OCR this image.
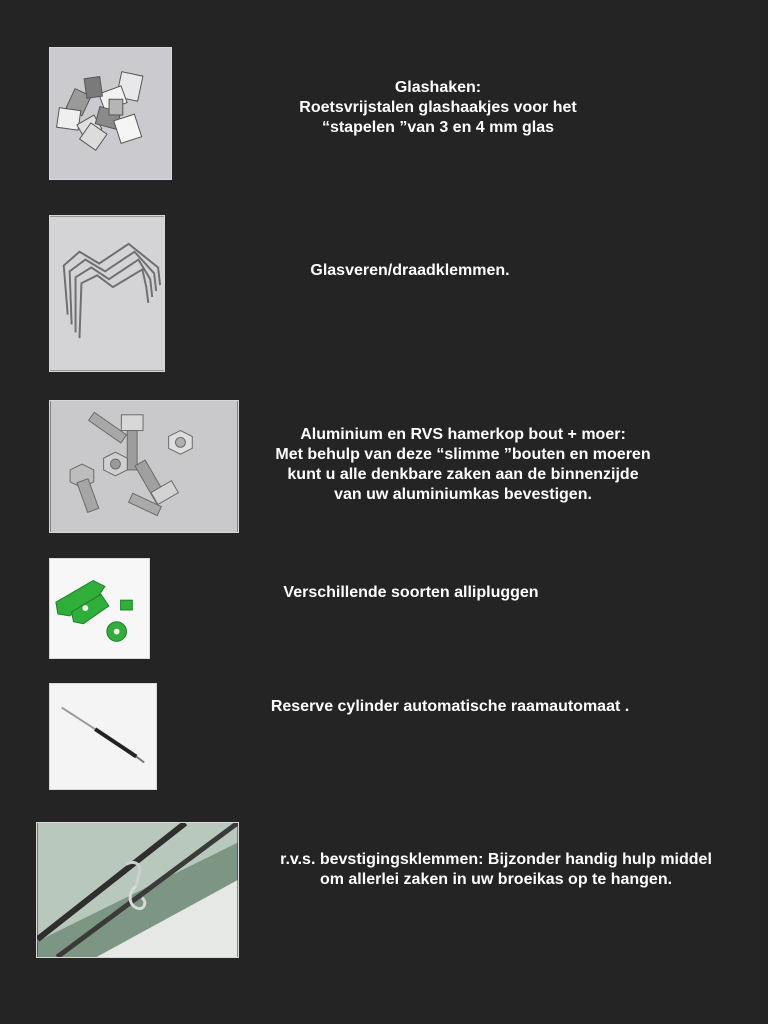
Glashaken:
Roetsvrijstalen glashaakjes voor het
“stapelen ”van 3 en 4 mm glas
Glasveren/draadklemmen.
Aluminium en RVS hamerkop bout + moer:
Met behulp van deze “slimme ”bouten en moeren
kunt u alle denkbare zaken aan de binnenzijde
van uw aluminiumkas bevestigen.
Verschillende soorten allipluggen
Reserve cylinder automatische raamautomaat .
r.v.s. bevstigingsklemmen: Bijzonder handig hulp middel
om allerlei zaken in uw broeikas op te hangen.
